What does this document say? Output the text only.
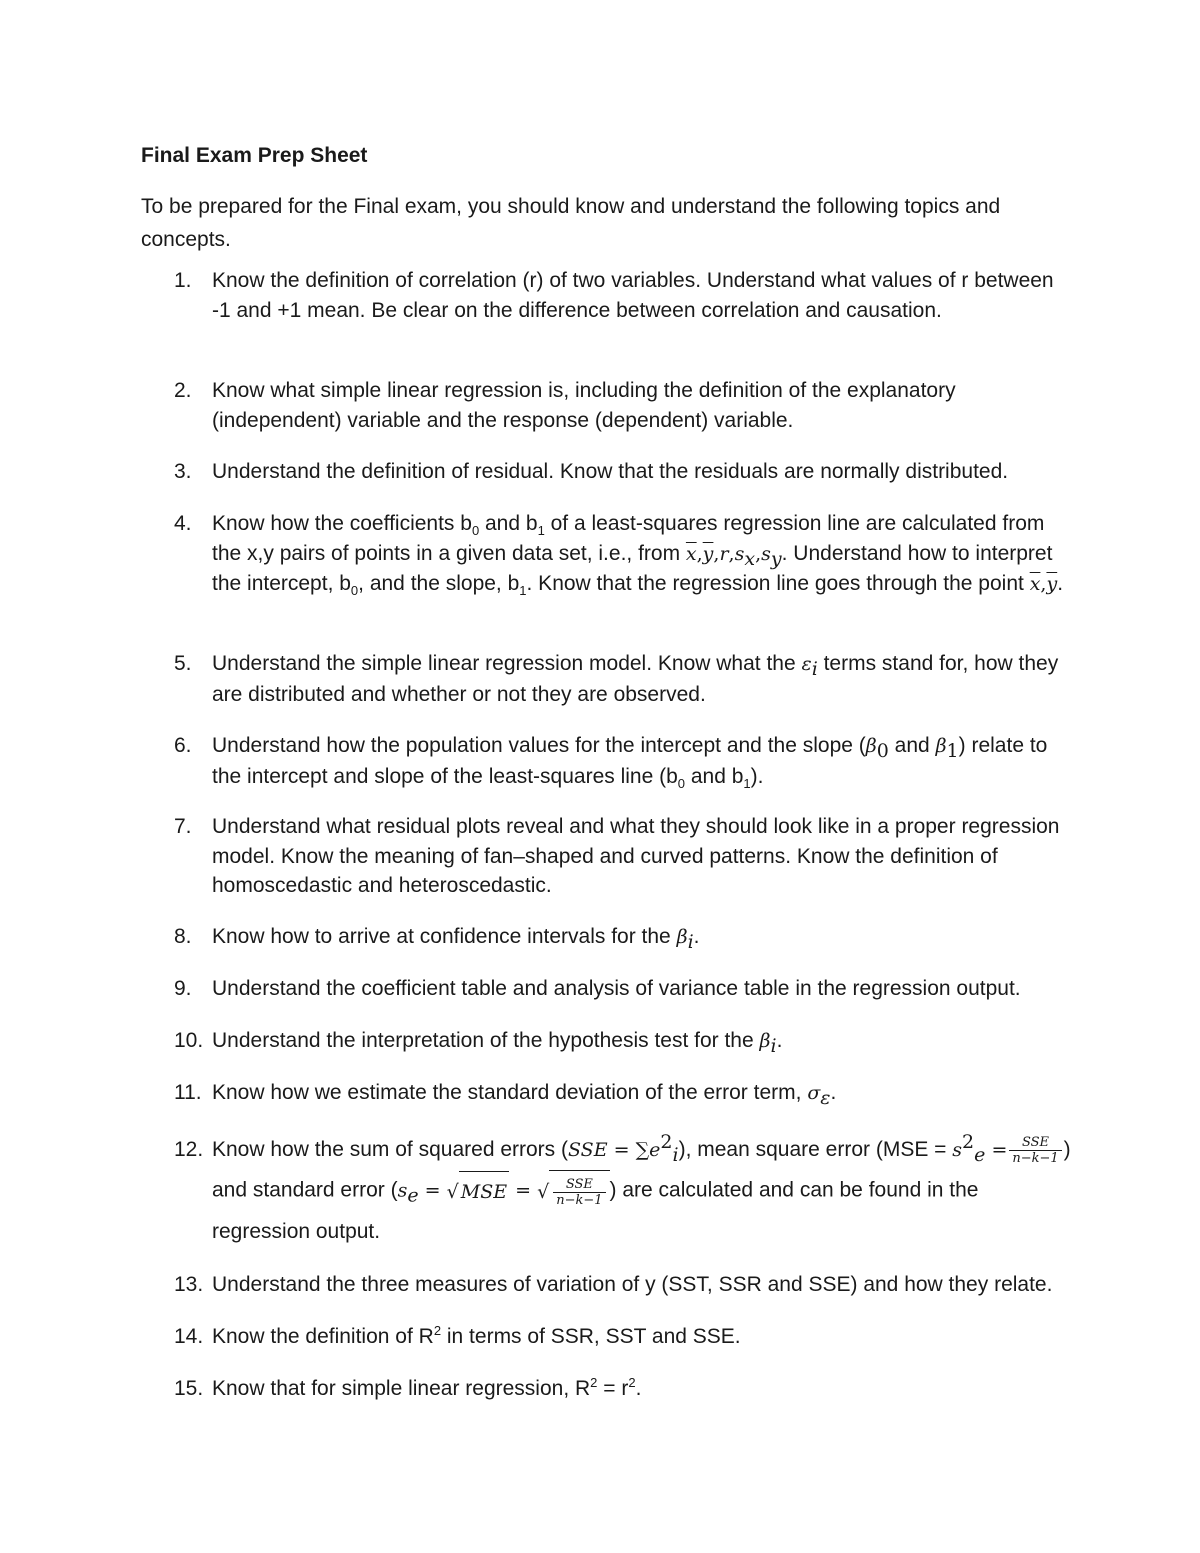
Final Exam Prep Sheet
To be prepared for the Final exam, you should know and understand the following topics and concepts.
1. Know the definition of correlation (r) of two variables. Understand what values of r between -1 and +1 mean. Be clear on the difference between correlation and causation.
2. Know what simple linear regression is, including the definition of the explanatory (independent) variable and the response (dependent) variable.
3. Understand the definition of residual. Know that the residuals are normally distributed.
4. Know how the coefficients $b_0$ and $b_1$ of a least-squares regression line are calculated from the x,y pairs of points in a given data set, i.e., from $\overline{x},\overline{y},r,s_x,s_y$. Understand how to interpret the intercept, $b_0$, and the slope, $b_1$. Know that the regression line goes through the point $\overline{x},\overline{y}$.
5. Understand the simple linear regression model. Know what the $\varepsilon_i$ terms stand for, how they are distributed and whether or not they are observed.
6. Understand how the population values for the intercept and the slope ($\beta_0$ and $\beta_1$) relate to the intercept and slope of the least-squares line ($b_0$ and $b_1$).
7. Understand what residual plots reveal and what they should look like in a proper regression model. Know the meaning of fan–shaped and curved patterns. Know the definition of homoscedastic and heteroscedastic.
8. Know how to arrive at confidence intervals for the $\beta_i$.
9. Understand the coefficient table and analysis of variance table in the regression output.
10. Understand the interpretation of the hypothesis test for the $\beta_i$.
11. Know how we estimate the standard deviation of the error term, $\sigma_\varepsilon$.
12. Know how the sum of squared errors $(SSE = \sum e^2_i)$, mean square error ($MSE = s^2_e = \frac{\text{SSE}}{n-k-1}$ ) and standard error ($s_e$ = √ MSE = √ $\frac{\text{SSE}}{n-k-1}$ ) are calculated and can be found in the regression output.
13. Understand the three measures of variation of y (SST, SSR and SSE) and how they relate.
14. Know the definition of $R^2$ in terms of SSR, SST and SSE.
15. Know that for simple linear regression, $R^2 = r^2$.
